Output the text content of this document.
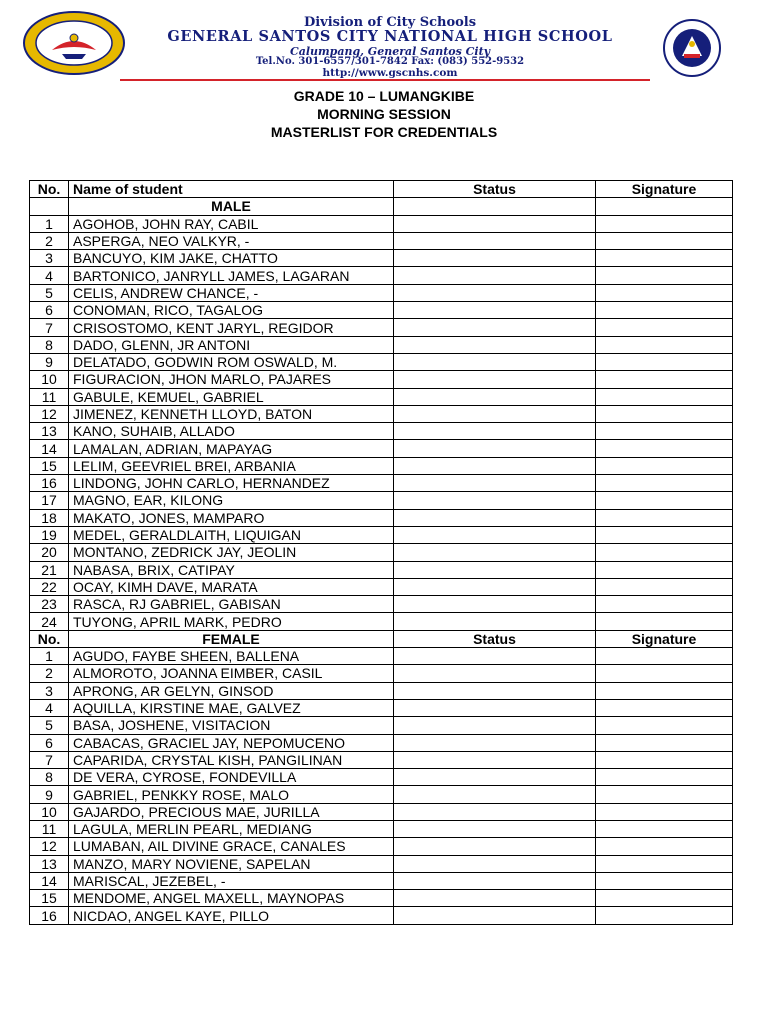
Division of City Schools
GENERAL SANTOS CITY NATIONAL HIGH SCHOOL
Calumpang, General Santos City
Tel.No. 301-6557/301-7842 Fax: (083) 552-9532
http://www.gscnhs.com
GRADE 10 – LUMANGKIBE
MORNING SESSION
MASTERLIST FOR CREDENTIALS
No.	Name of student	Status	Signature
	MALE		
1	AGOHOB, JOHN RAY, CABIL		
2	ASPERGA, NEO VALKYR, -		
3	BANCUYO, KIM JAKE, CHATTO		
4	BARTONICO, JANRYLL JAMES, LAGARAN		
5	CELIS, ANDREW CHANCE, -		
6	CONOMAN, RICO, TAGALOG		
7	CRISOSTOMO, KENT JARYL, REGIDOR		
8	DADO, GLENN, JR ANTONI		
9	DELATADO, GODWIN ROM OSWALD, M.		
10	FIGURACION, JHON MARLO, PAJARES		
11	GABULE, KEMUEL, GABRIEL		
12	JIMENEZ, KENNETH LLOYD, BATON		
13	KANO, SUHAIB, ALLADO		
14	LAMALAN, ADRIAN, MAPAYAG		
15	LELIM, GEEVRIEL BREI, ARBANIA		
16	LINDONG, JOHN CARLO, HERNANDEZ		
17	MAGNO, EAR, KILONG		
18	MAKATO, JONES, MAMPARO		
19	MEDEL, GERALDLAITH, LIQUIGAN		
20	MONTANO, ZEDRICK JAY, JEOLIN		
21	NABASA, BRIX, CATIPAY		
22	OCAY, KIMH DAVE, MARATA		
23	RASCA, RJ GABRIEL, GABISAN		
24	TUYONG, APRIL MARK, PEDRO		
No.	FEMALE	Status	Signature
1	AGUDO, FAYBE SHEEN, BALLENA		
2	ALMOROTO, JOANNA EIMBER, CASIL		
3	APRONG, AR GELYN, GINSOD		
4	AQUILLA, KIRSTINE MAE, GALVEZ		
5	BASA, JOSHENE, VISITACION		
6	CABACAS, GRACIEL JAY, NEPOMUCENO		
7	CAPARIDA, CRYSTAL KISH, PANGILINAN		
8	DE VERA, CYROSE, FONDEVILLA		
9	GABRIEL, PENKKY ROSE, MALO		
10	GAJARDO, PRECIOUS MAE, JURILLA		
11	LAGULA, MERLIN PEARL, MEDIANG		
12	LUMABAN, AIL DIVINE GRACE, CANALES		
13	MANZO, MARY NOVIENE, SAPELAN		
14	MARISCAL, JEZEBEL, -		
15	MENDOME, ANGEL MAXELL, MAYNOPAS		
16	NICDAO, ANGEL KAYE, PILLO		
